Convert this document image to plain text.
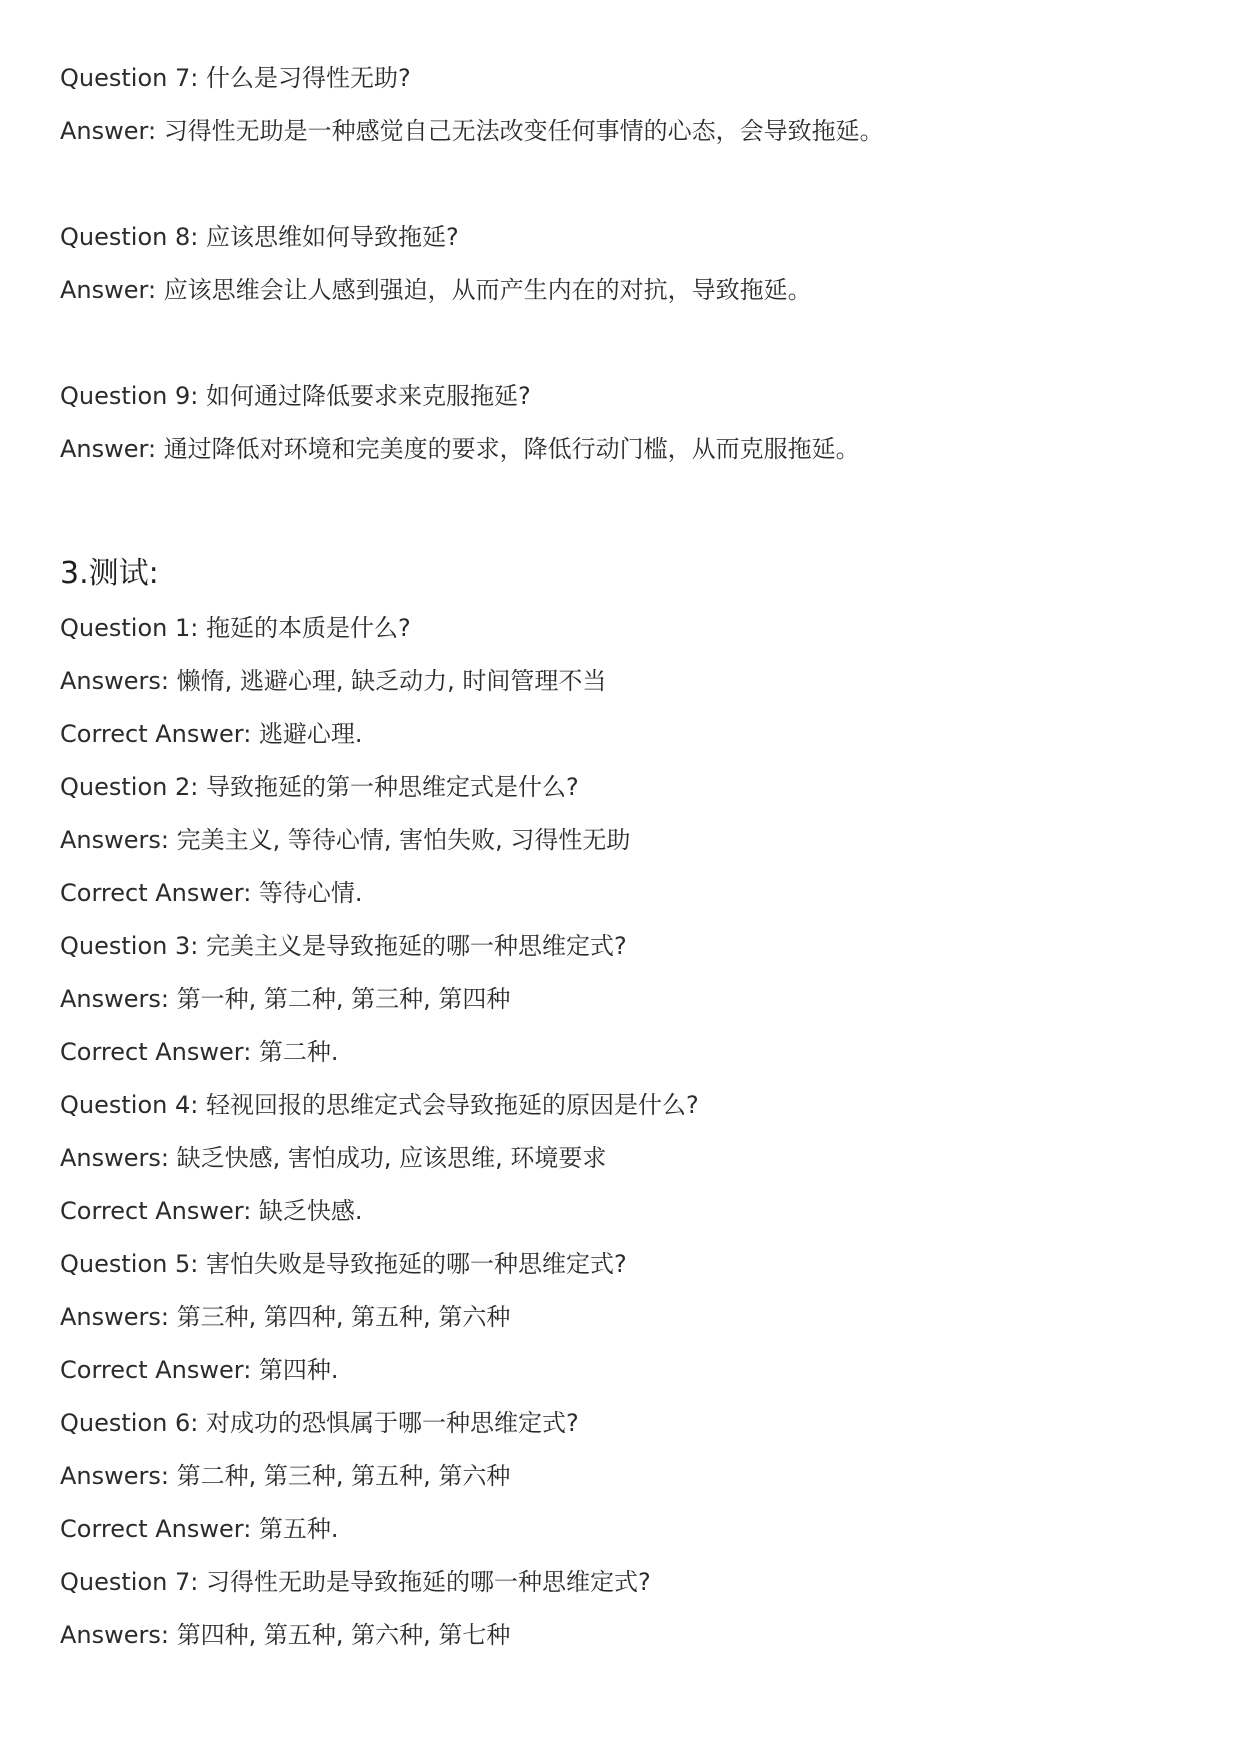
Question 7: 什么是习得性无助?

Answer: 习得性无助是一种感觉自己无法改变任何事情的心态，会导致拖延。

Question 8: 应该思维如何导致拖延?

Answer: 应该思维会让人感到强迫，从而产生内在的对抗，导致拖延。

Question 9: 如何通过降低要求来克服拖延?

Answer: 通过降低对环境和完美度的要求，降低行动门槛，从而克服拖延。

3.测试:

Question 1: 拖延的本质是什么?

Answers: 懒惰, 逃避心理, 缺乏动力, 时间管理不当

Correct Answer: 逃避心理.

Question 2: 导致拖延的第一种思维定式是什么?

Answers: 完美主义, 等待心情, 害怕失败, 习得性无助

Correct Answer: 等待心情.

Question 3: 完美主义是导致拖延的哪一种思维定式?

Answers: 第一种, 第二种, 第三种, 第四种

Correct Answer: 第二种.

Question 4: 轻视回报的思维定式会导致拖延的原因是什么?

Answers: 缺乏快感, 害怕成功, 应该思维, 环境要求

Correct Answer: 缺乏快感.

Question 5: 害怕失败是导致拖延的哪一种思维定式?

Answers: 第三种, 第四种, 第五种, 第六种

Correct Answer: 第四种.

Question 6: 对成功的恐惧属于哪一种思维定式?

Answers: 第二种, 第三种, 第五种, 第六种

Correct Answer: 第五种.

Question 7: 习得性无助是导致拖延的哪一种思维定式?

Answers: 第四种, 第五种, 第六种, 第七种
